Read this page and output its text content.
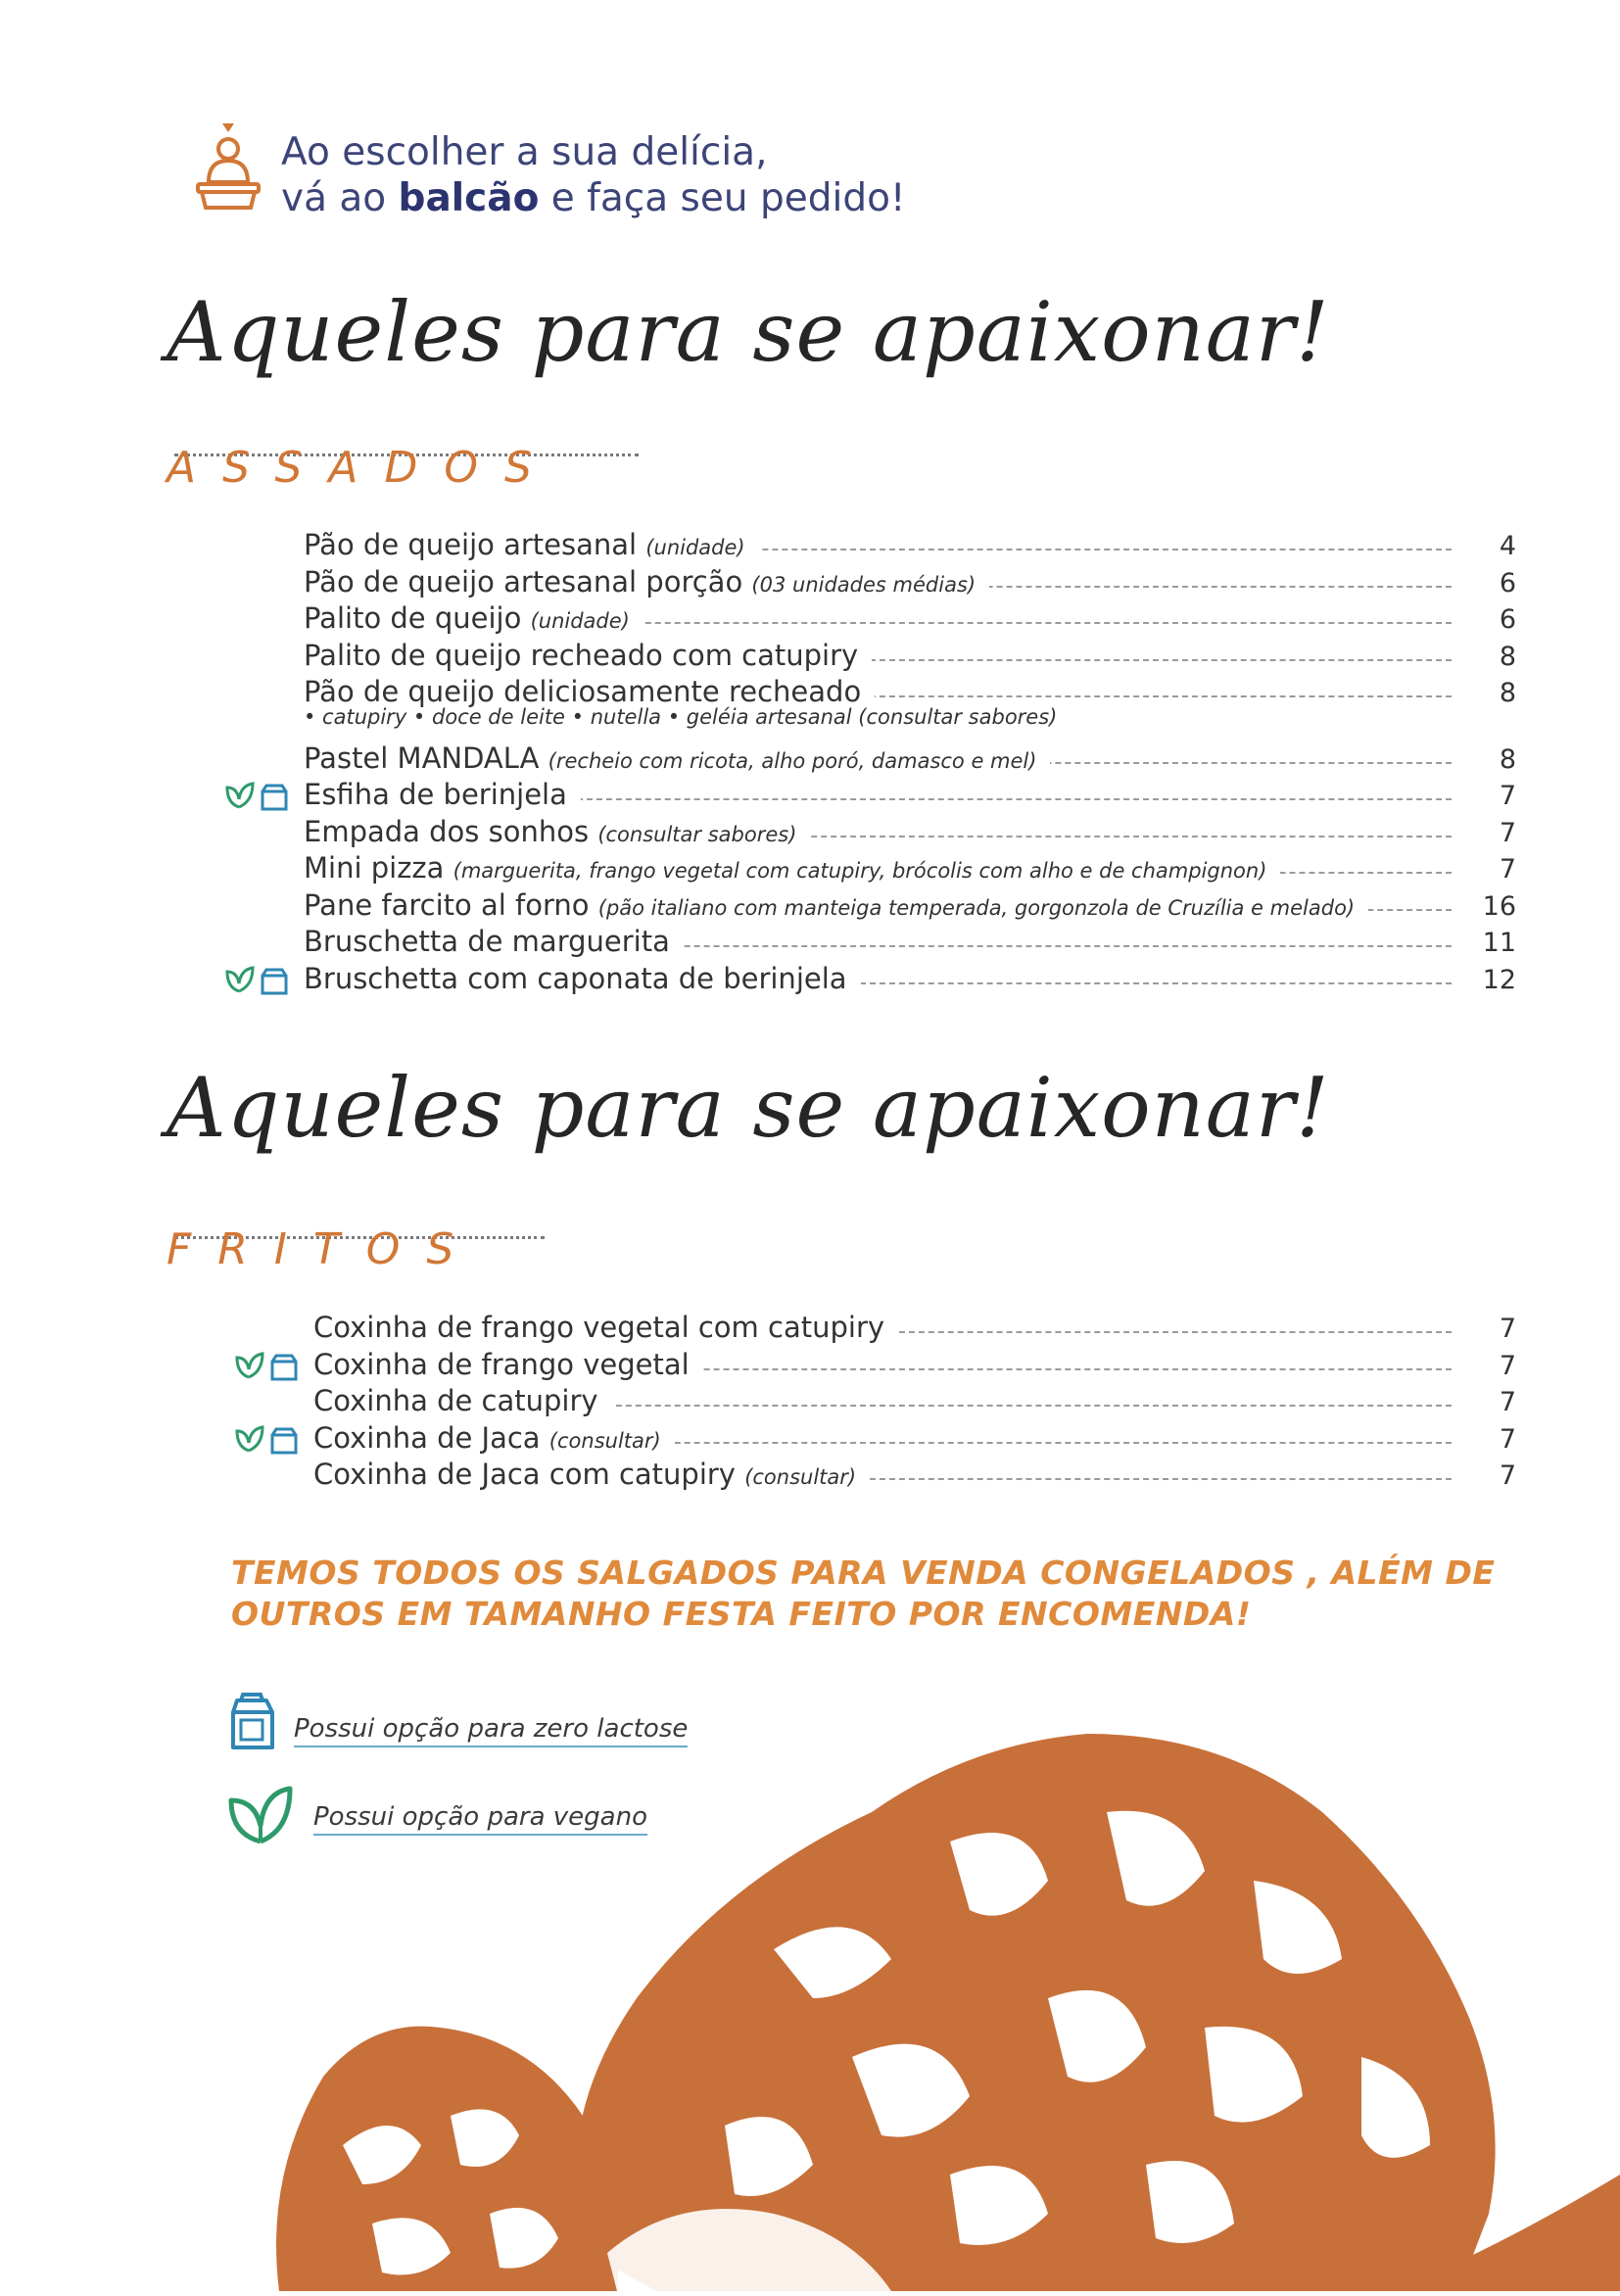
Ao escolher a sua delícia,
vá ao balcão e faça seu pedido!
Aqueles para se apaixonar!
ASSADOS
Pão de queijo artesanal (unidade)	4
Pão de queijo artesanal porção (03 unidades médias)	6
Palito de queijo (unidade)	6
Palito de queijo recheado com catupiry	8
Pão de queijo deliciosamente recheado	8
• catupiry • doce de leite • nutella • geléia artesanal (consultar sabores)
Pastel MANDALA (recheio com ricota, alho poró, damasco e mel)	8
Esfiha de berinjela	7
Empada dos sonhos (consultar sabores)	7
Mini pizza (marguerita, frango vegetal com catupiry, brócolis com alho e de champignon)	7
Pane farcito al forno (pão italiano com manteiga temperada, gorgonzola de Cruzília e melado)	16
Bruschetta de marguerita	11
Bruschetta com caponata de berinjela	12
Aqueles para se apaixonar!
FRITOS
Coxinha de frango vegetal com catupiry	7
Coxinha de frango vegetal	7
Coxinha de catupiry	7
Coxinha de Jaca (consultar)	7
Coxinha de Jaca com catupiry (consultar)	7
TEMOS TODOS OS SALGADOS PARA VENDA CONGELADOS , ALÉM DE
OUTROS EM TAMANHO FESTA FEITO POR ENCOMENDA!
Possui opção para zero lactose
Possui opção para vegano
